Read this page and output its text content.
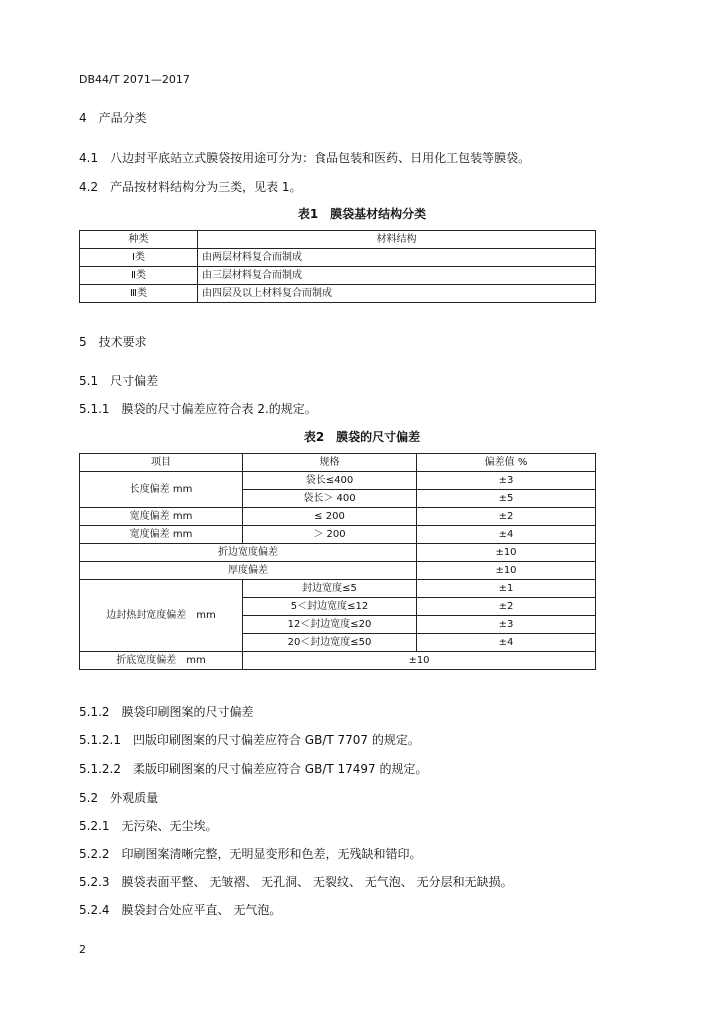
DB44/T 2071—2017
4　产品分类
4.1　八边封平底站立式膜袋按用途可分为：食品包装和医药、日用化工包装等膜袋。
4.2　产品按材料结构分为三类，见表 1。
表1　膜袋基材结构分类
种类	材料结构
Ⅰ类	由两层材料复合而制成
Ⅱ类	由三层材料复合而制成
Ⅲ类	由四层及以上材料复合而制成
5　技术要求
5.1　尺寸偏差
5.1.1　膜袋的尺寸偏差应符合表 2.的规定。
表2　膜袋的尺寸偏差
项目	规格	偏差值 %
长度偏差 mm	袋长≤400	±3
	袋长＞ 400	±5
宽度偏差 mm	≤ 200	±2
宽度偏差 mm	＞ 200	±4
折边宽度偏差		±10
厚度偏差		±10
边封热封宽度偏差　mm	封边宽度≤5	±1
	5＜封边宽度≤12	±2
	12＜封边宽度≤20	±3
	20＜封边宽度≤50	±4
折底宽度偏差　mm	±10	
5.1.2　膜袋印刷图案的尺寸偏差
5.1.2.1　凹版印刷图案的尺寸偏差应符合 GB/T 7707 的规定。
5.1.2.2　柔版印刷图案的尺寸偏差应符合 GB/T 17497 的规定。
5.2　外观质量
5.2.1　无污染、无尘埃。
5.2.2　印刷图案清晰完整，无明显变形和色差，无残缺和错印。
5.2.3　膜袋表面平整、 无皱褶、 无孔洞、 无裂纹、 无气泡、 无分层和无缺损。
5.2.4　膜袋封合处应平直、 无气泡。
2
